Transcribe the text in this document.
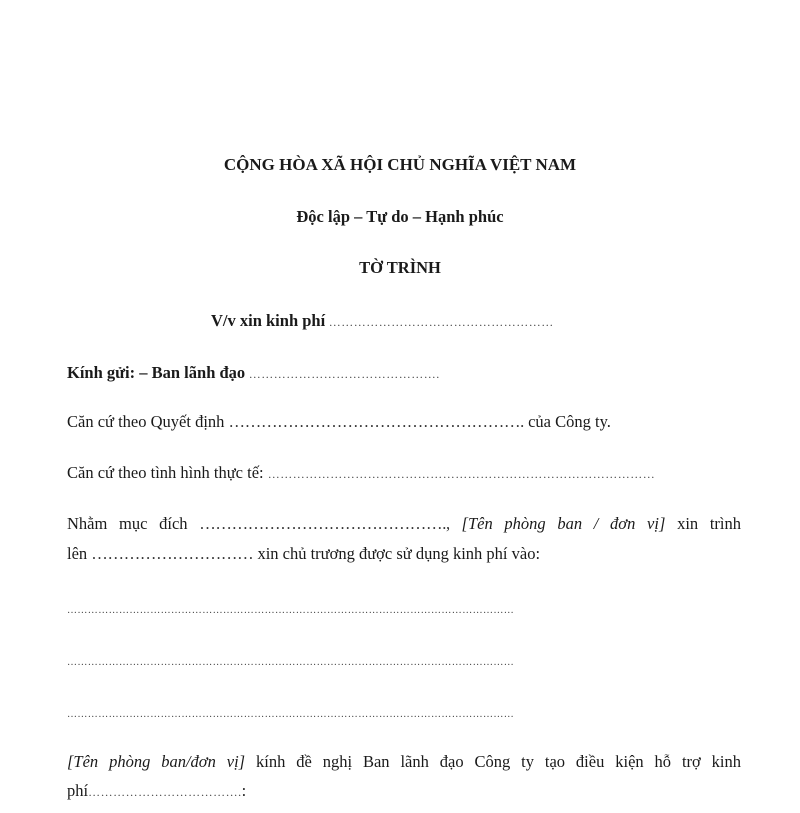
CỘNG HÒA XÃ HỘI CHỦ NGHĨA VIỆT NAM
Độc lập – Tự do – Hạnh phúc
TỜ TRÌNH
V/v xin kinh phí ………………………………………………
Kính gửi: – Ban lãnh đạo ……………………………………….
Căn cứ theo Quyết định ………………………………………………. của Công ty.
Căn cứ theo tình hình thực tế: …………………………………………………………………………………
Nhằm mục đích ………………………………………., [Tên phòng ban / đơn vị] xin trình
lên ………………………… xin chủ trương được sử dụng kinh phí vào:
…………………………………………………………………………………………………………………
…………………………………………………………………………………………………………………
…………………………………………………………………………………………………………………
[Tên phòng ban/đơn vị] kính đề nghị Ban lãnh đạo Công ty tạo điều kiện hỗ trợ kinh
phí……………………………….:
